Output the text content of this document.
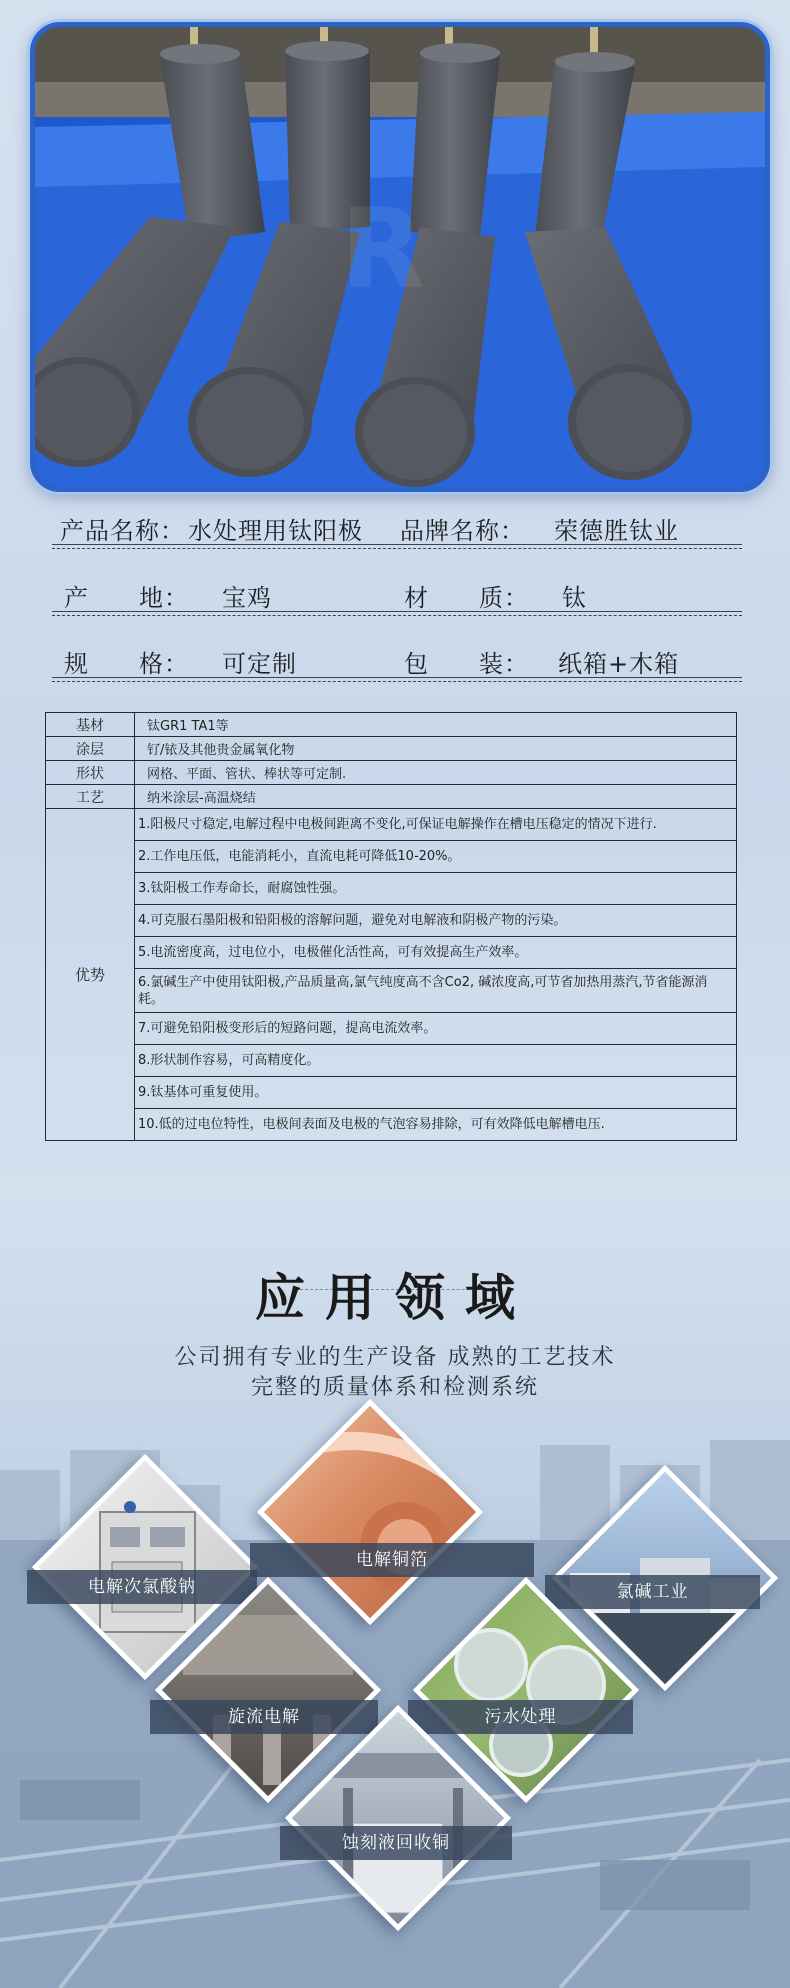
R
产品名称： 水处理用钛阳极 品牌名称： 荣德胜钛业
产　　地： 宝鸡	材　　质： 钛
规　　格： 可定制	包　　装： 纸箱+木箱
基材	钛GR1 TA1等
涂层	钌/铱及其他贵金属氧化物
形状	网格、平面、管状、棒状等可定制.
工艺	纳米涂层-高温烧结
优势	1.阳极尺寸稳定,电解过程中电极间距离不变化,可保证电解操作在槽电压稳定的情况下进行.
	2.工作电压低，电能消耗小，直流电耗可降低10-20%。
	3.钛阳极工作寿命长，耐腐蚀性强。
	4.可克服石墨阳极和铅阳极的溶解问题，避免对电解液和阴极产物的污染。
	5.电流密度高，过电位小，电极催化活性高，可有效提高生产效率。
	6.氯碱生产中使用钛阳极,产品质量高,氯气纯度高不含Co2, 碱浓度高,可节省加热用蒸汽,节省能源消耗。
	7.可避免铅阳极变形后的短路问题，提高电流效率。
	8.形状制作容易，可高精度化。
	9.钛基体可重复使用。
	10.低的过电位特性，电极间表面及电极的气泡容易排除，可有效降低电解槽电压.
应用领域
公司拥有专业的生产设备 成熟的工艺技术
完整的质量体系和检测系统
电解次氯酸钠
电解铜箔
氯碱工业
旋流电解	污水处理
蚀刻液回收铜
